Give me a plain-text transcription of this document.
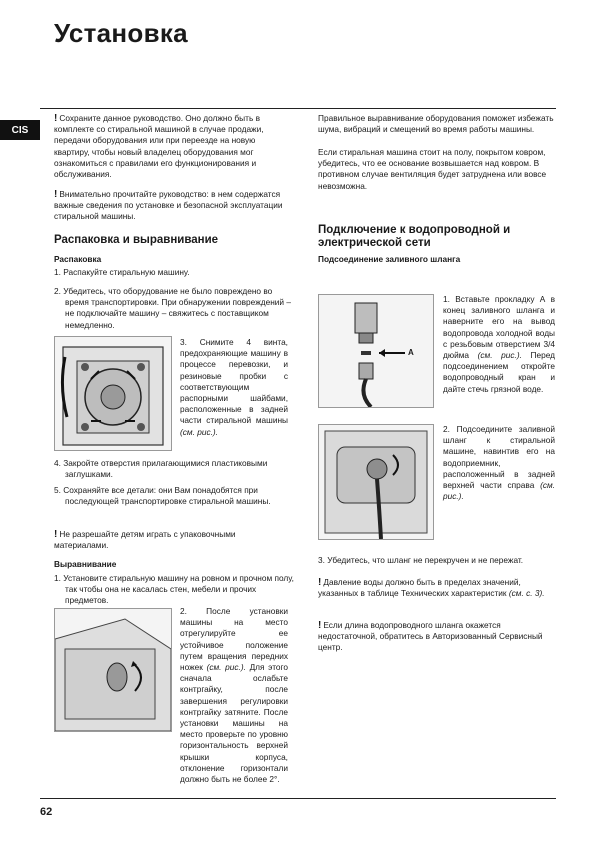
Установка
CIS
! Сохраните данное руководство. Оно должно быть в комплекте со стиральной машиной в случае продажи, передачи оборудования или при переезде на новую квартиру, чтобы новый владелец оборудования мог ознакомиться с правилами его функционирования и обслуживания.
! Внимательно прочитайте руководство: в нем содержатся важные сведения по установке и безопасной эксплуатации стиральной машины.
Распаковка и выравнивание
Распаковка
1. Распакуйте стиральную машину.
2. Убедитесь, что оборудование не было повреждено во время транспортировки. При обнаружении повреждений – не подключайте машину – свяжитесь с поставщиком немедленно.
3. Снимите 4 винта, предохраняющие машину в процессе перевозки, и резиновые пробки с соответствующим распорными шайбами, расположенные в задней части стиральной машины (см. рис.).
4. Закройте отверстия прилагающимися пластиковыми заглушками.
5. Сохраняйте все детали: они Вам понадобятся при последующей транспортировке стиральной машины.
! Не разрешайте детям играть с упаковочными материалами.
Выравнивание
1. Установите стиральную машину на ровном и прочном полу, так чтобы она не касалась стен, мебели и прочих предметов.
2. После установки машины на место отрегулируйте ее устойчивое положение путем вращения передних ножек (см. рис.). Для этого сначала ослабьте контргайку, после завершения регулировки контргайку затяните. После установки машины на место проверьте по уровню горизонтальность верхней крышки корпуса, отклонение горизонтали должно быть не более 2°.
Правильное выравнивание оборудования поможет избежать шума, вибраций и смещений во время работы машины.
Если стиральная машина стоит на полу, покрытом ковром, убедитесь, что ее основание возвышается над ковром. В противном случае вентиляция будет затруднена или вовсе невозможна.
Подключение к водопроводной и электрической сети
Подсоединение заливного шланга
A
1. Вставьте прокладку А в конец заливного шланга и наверните его на вывод водопровода холодной воды с резьбовым отверстием 3/4 дюйма (см. рис.). Перед подсоединением откройте водопроводный кран и дайте стечь грязной воде.
2. Подсоедините заливной шланг к стиральной машине, навинтив его на водоприемник, расположенный в задней верхней части справа (см. рис.).
3. Убедитесь, что шланг не перекручен и не пережат.
! Давление воды должно быть в пределах значений, указанных в таблице Технических характеристик (см. с. 3).
! Если длина водопроводного шланга окажется недостаточной, обратитесь в Авторизованный Сервисный центр.
62
